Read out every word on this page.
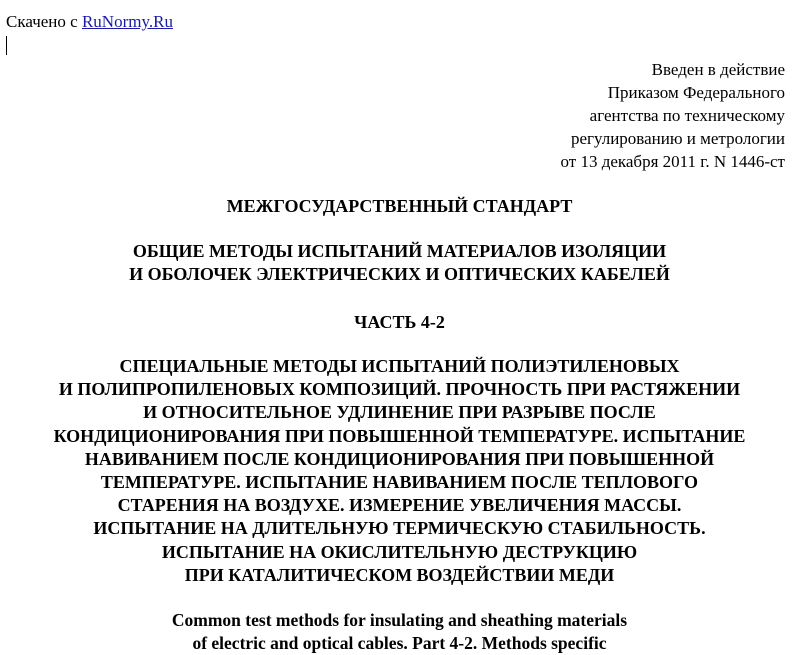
Скачено с RuNormy.Ru
Введен в действие
Приказом Федерального
агентства по техническому
регулированию и метрологии
от 13 декабря 2011 г. N 1446-ст
МЕЖГОСУДАРСТВЕННЫЙ СТАНДАРТ
ОБЩИЕ МЕТОДЫ ИСПЫТАНИЙ МАТЕРИАЛОВ ИЗОЛЯЦИИ
И ОБОЛОЧЕК ЭЛЕКТРИЧЕСКИХ И ОПТИЧЕСКИХ КАБЕЛЕЙ
ЧАСТЬ 4-2
СПЕЦИАЛЬНЫЕ МЕТОДЫ ИСПЫТАНИЙ ПОЛИЭТИЛЕНОВЫХ
И ПОЛИПРОПИЛЕНОВЫХ КОМПОЗИЦИЙ. ПРОЧНОСТЬ ПРИ РАСТЯЖЕНИИ
И ОТНОСИТЕЛЬНОЕ УДЛИНЕНИЕ ПРИ РАЗРЫВЕ ПОСЛЕ
КОНДИЦИОНИРОВАНИЯ ПРИ ПОВЫШЕННОЙ ТЕМПЕРАТУРЕ. ИСПЫТАНИЕ
НАВИВАНИЕМ ПОСЛЕ КОНДИЦИОНИРОВАНИЯ ПРИ ПОВЫШЕННОЙ
ТЕМПЕРАТУРЕ. ИСПЫТАНИЕ НАВИВАНИЕМ ПОСЛЕ ТЕПЛОВОГО
СТАРЕНИЯ НА ВОЗДУХЕ. ИЗМЕРЕНИЕ УВЕЛИЧЕНИЯ МАССЫ.
ИСПЫТАНИЕ НА ДЛИТЕЛЬНУЮ ТЕРМИЧЕСКУЮ СТАБИЛЬНОСТЬ.
ИСПЫТАНИЕ НА ОКИСЛИТЕЛЬНУЮ ДЕСТРУКЦИЮ
ПРИ КАТАЛИТИЧЕСКОМ ВОЗДЕЙСТВИИ МЕДИ
Common test methods for insulating and sheathing materials
of electric and optical cables. Part 4-2. Methods specific
